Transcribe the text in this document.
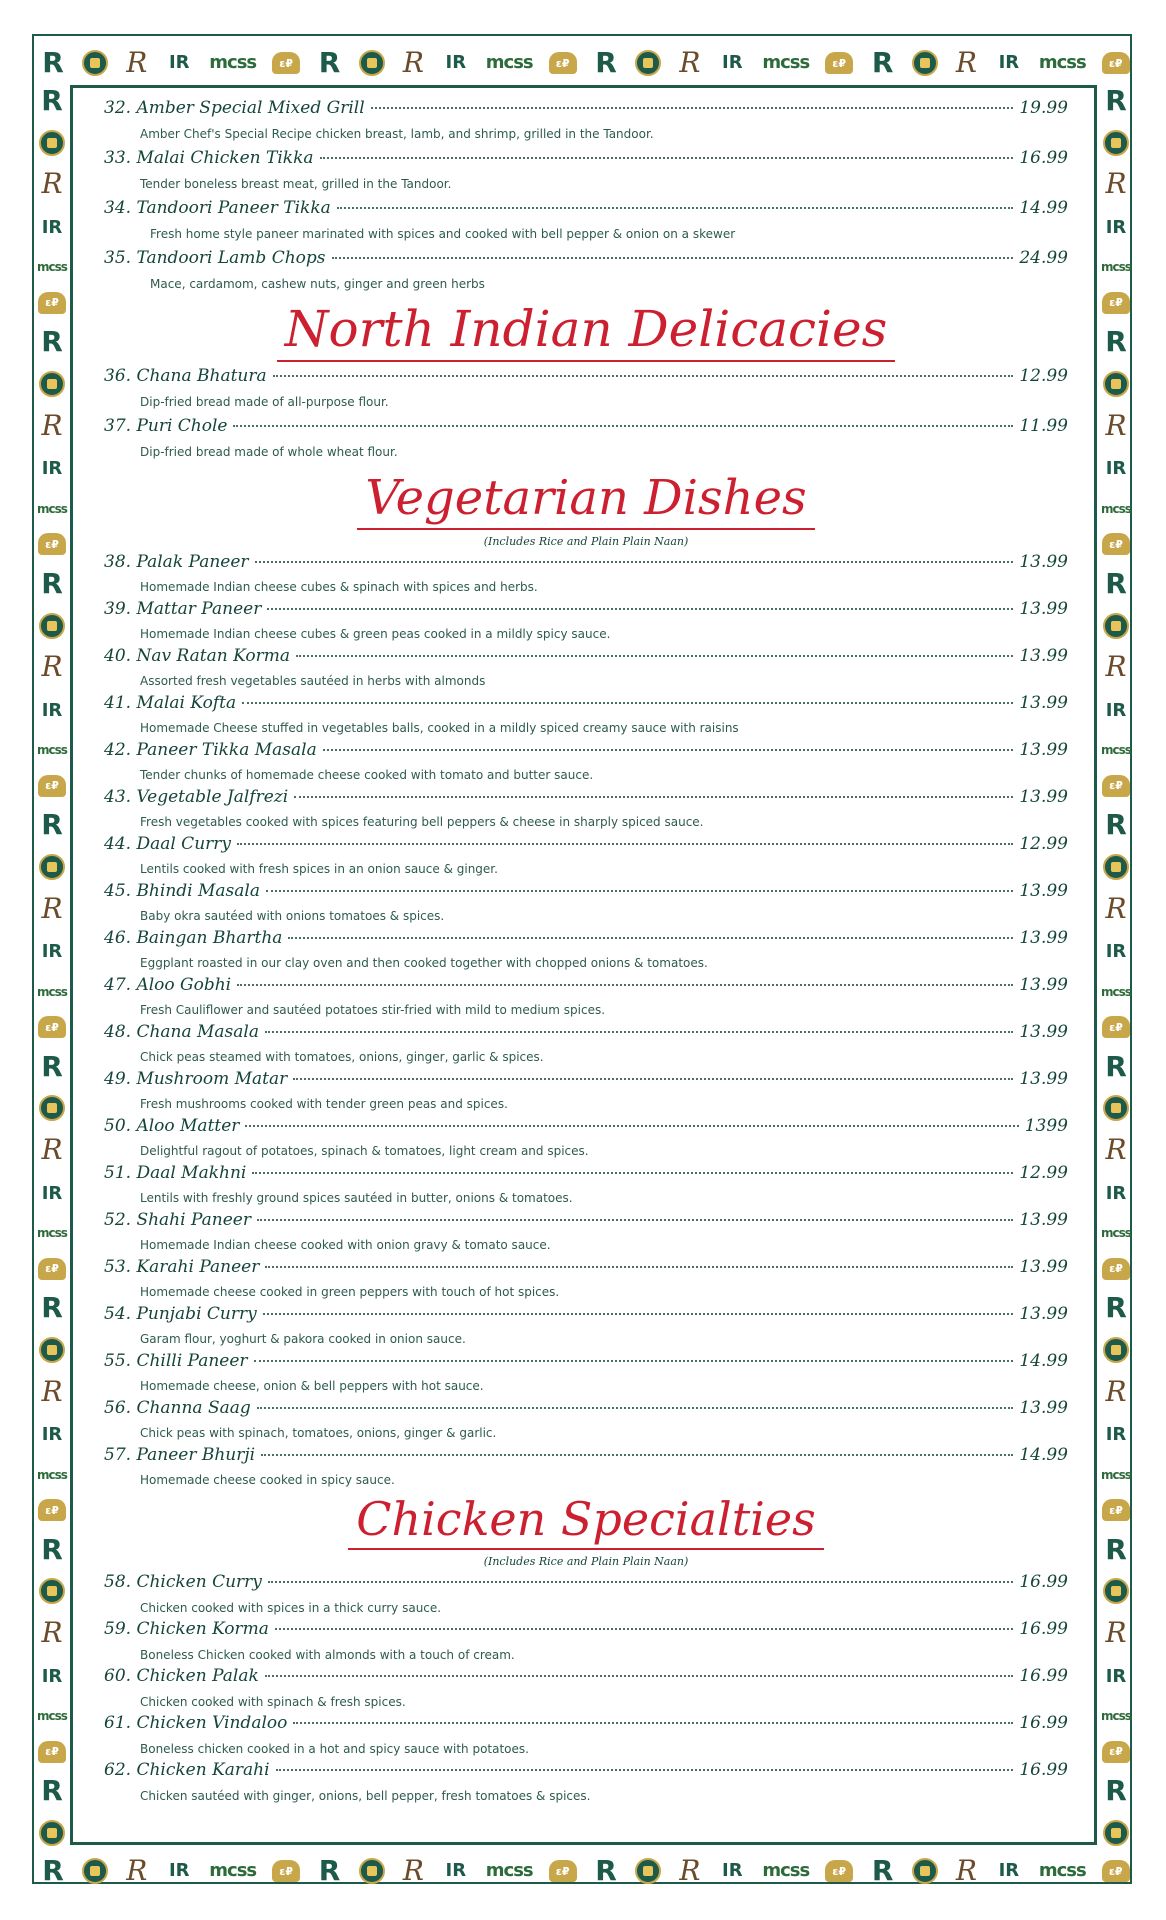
R R IR mcss	ε₽ R R IR mcss	ε₽ R R IR mcss	ε₽ R R IR mcss	ε₽
R R IR mcss	ε₽ R R IR mcss	ε₽ R R IR mcss	ε₽ R R IR mcss	ε₽
R
R
IR
mcss
ε₽
R
R
IR
mcss
ε₽
R
R
IR
mcss
ε₽
R
R
IR
mcss
ε₽
R
R
IR
mcss
ε₽
R
R
IR
mcss
ε₽
R
R
IR
mcss
ε₽
R
R
R
IR
mcss
ε₽
R
R
IR
mcss
ε₽
R
R
IR
mcss
ε₽
R
R
IR
mcss
ε₽
R
R
IR
mcss
ε₽
R
R
IR
mcss
ε₽
R
R
IR
mcss
ε₽
R
32. Amber Special Mixed Grill	19.99
Amber Chef's Special Recipe chicken breast, lamb, and shrimp, grilled in the Tandoor.
33. Malai Chicken Tikka	16.99
Tender boneless breast meat, grilled in the Tandoor.
34. Tandoori Paneer Tikka	14.99
Fresh home style paneer marinated with spices and cooked with bell pepper & onion on a skewer
35. Tandoori Lamb Chops	24.99
Mace, cardamom, cashew nuts, ginger and green herbs
North Indian Delicacies
36. Chana Bhatura	12.99
Dip-fried bread made of all-purpose flour.
37. Puri Chole	11.99
Dip-fried bread made of whole wheat flour.
Vegetarian Dishes
(Includes Rice and Plain Plain Naan)
38. Palak Paneer	13.99
Homemade Indian cheese cubes & spinach with spices and herbs.
39. Mattar Paneer	13.99
Homemade Indian cheese cubes & green peas cooked in a mildly spicy sauce.
40. Nav Ratan Korma	13.99
Assorted fresh vegetables sautéed in herbs with almonds
41. Malai Kofta	13.99
Homemade Cheese stuffed in vegetables balls, cooked in a mildly spiced creamy sauce with raisins
42. Paneer Tikka Masala	13.99
Tender chunks of homemade cheese cooked with tomato and butter sauce.
43. Vegetable Jalfrezi	13.99
Fresh vegetables cooked with spices featuring bell peppers & cheese in sharply spiced sauce.
44. Daal Curry	12.99
Lentils cooked with fresh spices in an onion sauce & ginger.
45. Bhindi Masala	13.99
Baby okra sautéed with onions tomatoes & spices.
46. Baingan Bhartha	13.99
Eggplant roasted in our clay oven and then cooked together with chopped onions & tomatoes.
47. Aloo Gobhi	13.99
Fresh Cauliflower and sautéed potatoes stir-fried with mild to medium spices.
48. Chana Masala	13.99
Chick peas steamed with tomatoes, onions, ginger, garlic & spices.
49. Mushroom Matar	13.99
Fresh mushrooms cooked with tender green peas and spices.
50. Aloo Matter	1399
Delightful ragout of potatoes, spinach & tomatoes, light cream and spices.
51. Daal Makhni	12.99
Lentils with freshly ground spices sautéed in butter, onions & tomatoes.
52. Shahi Paneer	13.99
Homemade Indian cheese cooked with onion gravy & tomato sauce.
53. Karahi Paneer	13.99
Homemade cheese cooked in green peppers with touch of hot spices.
54. Punjabi Curry	13.99
Garam flour, yoghurt & pakora cooked in onion sauce.
55. Chilli Paneer	14.99
Homemade cheese, onion & bell peppers with hot sauce.
56. Channa Saag	13.99
Chick peas with spinach, tomatoes, onions, ginger & garlic.
57. Paneer Bhurji	14.99
Homemade cheese cooked in spicy sauce.
Chicken Specialties
(Includes Rice and Plain Plain Naan)
58. Chicken Curry	16.99
Chicken cooked with spices in a thick curry sauce.
59. Chicken Korma	16.99
Boneless Chicken cooked with almonds with a touch of cream.
60. Chicken Palak	16.99
Chicken cooked with spinach & fresh spices.
61. Chicken Vindaloo	16.99
Boneless chicken cooked in a hot and spicy sauce with potatoes.
62. Chicken Karahi	16.99
Chicken sautéed with ginger, onions, bell pepper, fresh tomatoes & spices.
